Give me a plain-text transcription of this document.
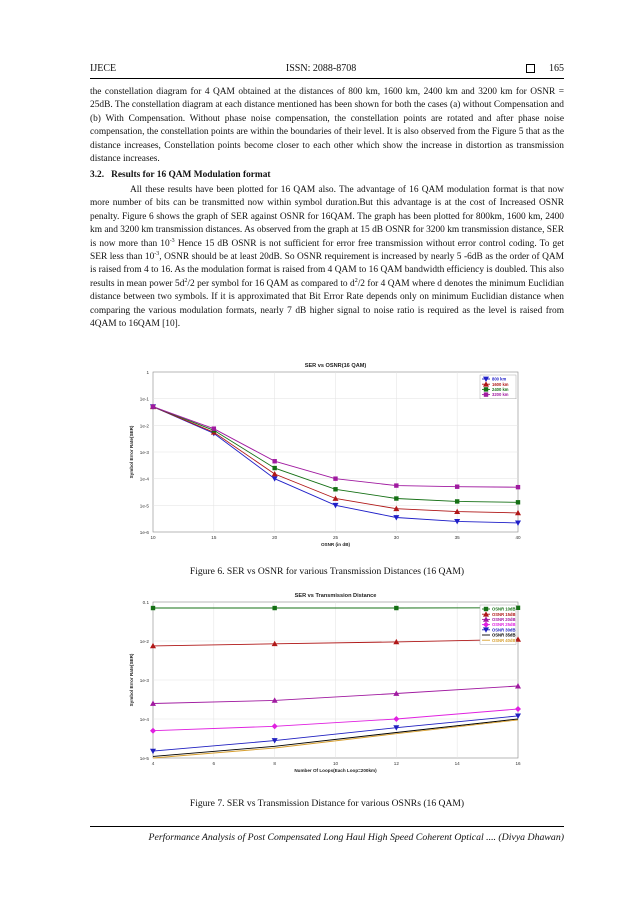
IJECE	ISSN: 2088-8708	165

the constellation diagram for 4 QAM obtained at the distances of 800 km, 1600 km, 2400 km and 3200 km for OSNR = 25dB. The constellation diagram at each distance mentioned has been shown for both the cases (a) without Compensation and (b) With Compensation. Without phase noise compensation, the constellation points are rotated and after phase noise compensation, the constellation points are within the boundaries of their level. It is also observed from the Figure 5 that as the distance increases, Constellation points become closer to each other which show the increase in distortion as transmission distance increases.

3.2. Results for 16 QAM Modulation format

All these results have been plotted for 16 QAM also. The advantage of 16 QAM modulation format is that now more number of bits can be transmitted now within symbol duration.But this advantage is at the cost of Increased OSNR penalty. Figure 6 shows the graph of SER against OSNR for 16QAM. The graph has been plotted for 800km, 1600 km, 2400 km and 3200 km transmission distances. As observed from the graph at 15 dB OSNR for 3200 km transmission distance, SER is now more than $10^{-3}$ Hence 15 dB OSNR is not sufficient for error free transmission without error control coding. To get SER less than $10^{-3}$, OSNR should be at least 20dB. So OSNR requirement is increased by nearly 5 -6dB as the order of QAM is raised from 4 to 16. As the modulation format is raised from 4 QAM to 16 QAM bandwidth efficiency is doubled. This also results in mean power $5d^2/2$ per symbol for 16 QAM as compared to $d^2/2$ for 4 QAM where d denotes the minimum Euclidian distance between two symbols. If it is approximated that Bit Error Rate depends only on minimum Euclidian distance when comparing the various modulation formats, nearly 7 dB higher signal to noise ratio is required as the level is raised from 4QAM to 16QAM [10].

1
1e-1
1e-2
1e-3
1e-4
1e-5
1e-6
10	15	20	25	30	35	40
SER vs OSNR(16 QAM)
OSNR (in dB)
Symbol Error Rate(SER)
800 km
1600 km
2400 km
3200 km

Figure 6. SER vs OSNR for various Transmission Distances (16 QAM)

0.1
1e-2
1e-3
1e-4
1e-5
4	6	8	10	12	14	16
SER vs Transmission Distance
Number Of Loops(Each Loop=200km)
Symbol Error Rate(SER)
OSNR 10dB
OSNR 15dB
OSNR 20dB
OSNR 25dB
OSNR 30dB
OSNR 35dB
OSNR 40dB

Figure 7. SER vs Transmission Distance for various OSNRs (16 QAM)

Performance Analysis of Post Compensated Long Haul High Speed Coherent Optical .... (Divya Dhawan)
